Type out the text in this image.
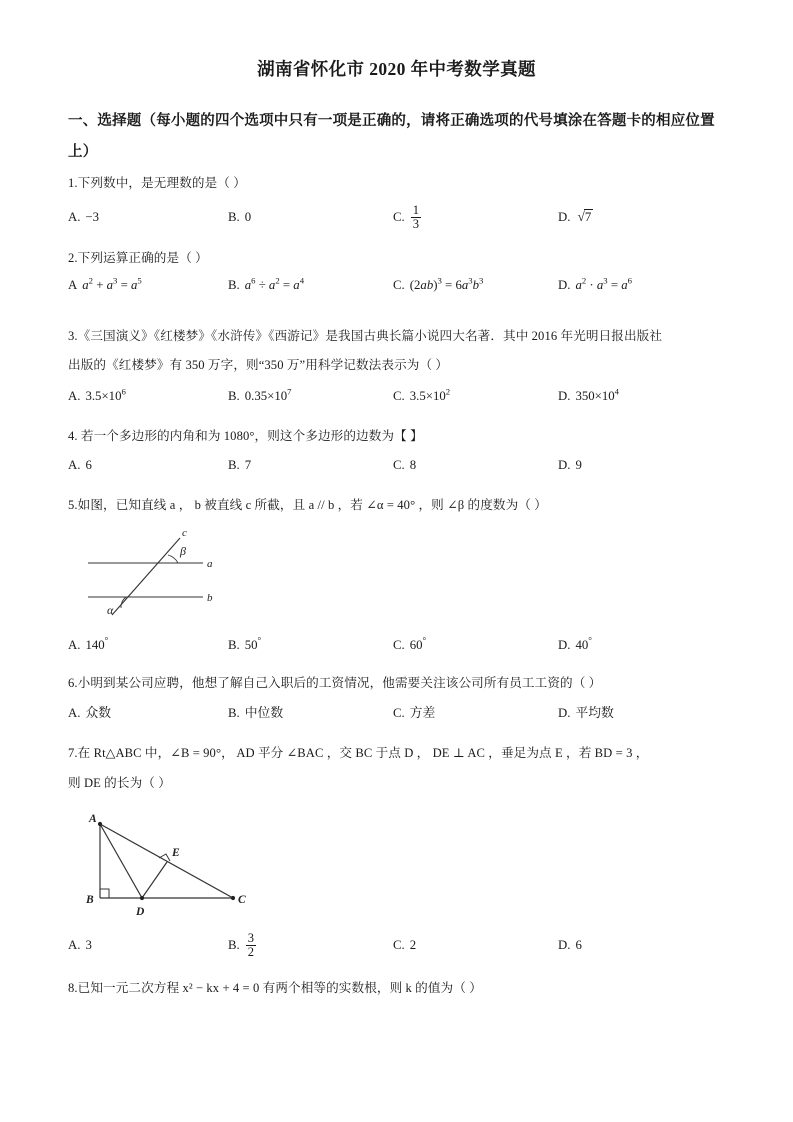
湖南省怀化市 2020 年中考数学真题
一、选择题（每小题的四个选项中只有一项是正确的，请将正确选项的代号填涂在答题卡的相应位置上）
1.下列数中，是无理数的是（ ）
A. −3	B. 0	C. $\frac{1}{3}$	D. √7
2.下列运算正确的是（ ）
A $a^2 + a^3 = a^5$	B. $a^6 \div a^2 = a^4$	C. $(2ab)^3 = 6a^3b^3$	D. $a^2 \cdot a^3 = a^6$
3.《三国演义》《红楼梦》《水浒传》《西游记》是我国古典长篇小说四大名著．其中 2016 年光明日报出版社
出版的《红楼梦》有 350 万字，则“350 万”用科学记数法表示为（ ）
A. $3.5\times 10^6$	B. $0.35\times 10^7$	C. $3.5\times 10^2$	D. $350\times 10^4$
4. 若一个多边形的内角和为 1080°，则这个多边形的边数为【 】
A. 6	B. 7	C. 8	D. 9
5.如图，已知直线 a ， b 被直线 c 所截，且 a // b ，若 ∠α = 40° ，则 ∠β 的度数为（ ）
c
a
b
β
α
A. 140°	B. 50°	C. 60°	D. 40°
6.小明到某公司应聘，他想了解自己入职后的工资情况，他需要关注该公司所有员工工资的（ ）
A. 众数	B. 中位数	C. 方差	D. 平均数
7.在 Rt△ABC 中，∠B = 90°， AD 平分 ∠BAC ，交 BC 于点 D ， DE ⊥ AC ，垂足为点 E ，若 BD = 3 ，
则 DE 的长为（ ）
A
B	C
D
E
A. 3	B. $\frac{3}{2}$	C. 2	D. 6
8.已知一元二次方程 x² − kx + 4 = 0 有两个相等的实数根，则 k 的值为（ ）
